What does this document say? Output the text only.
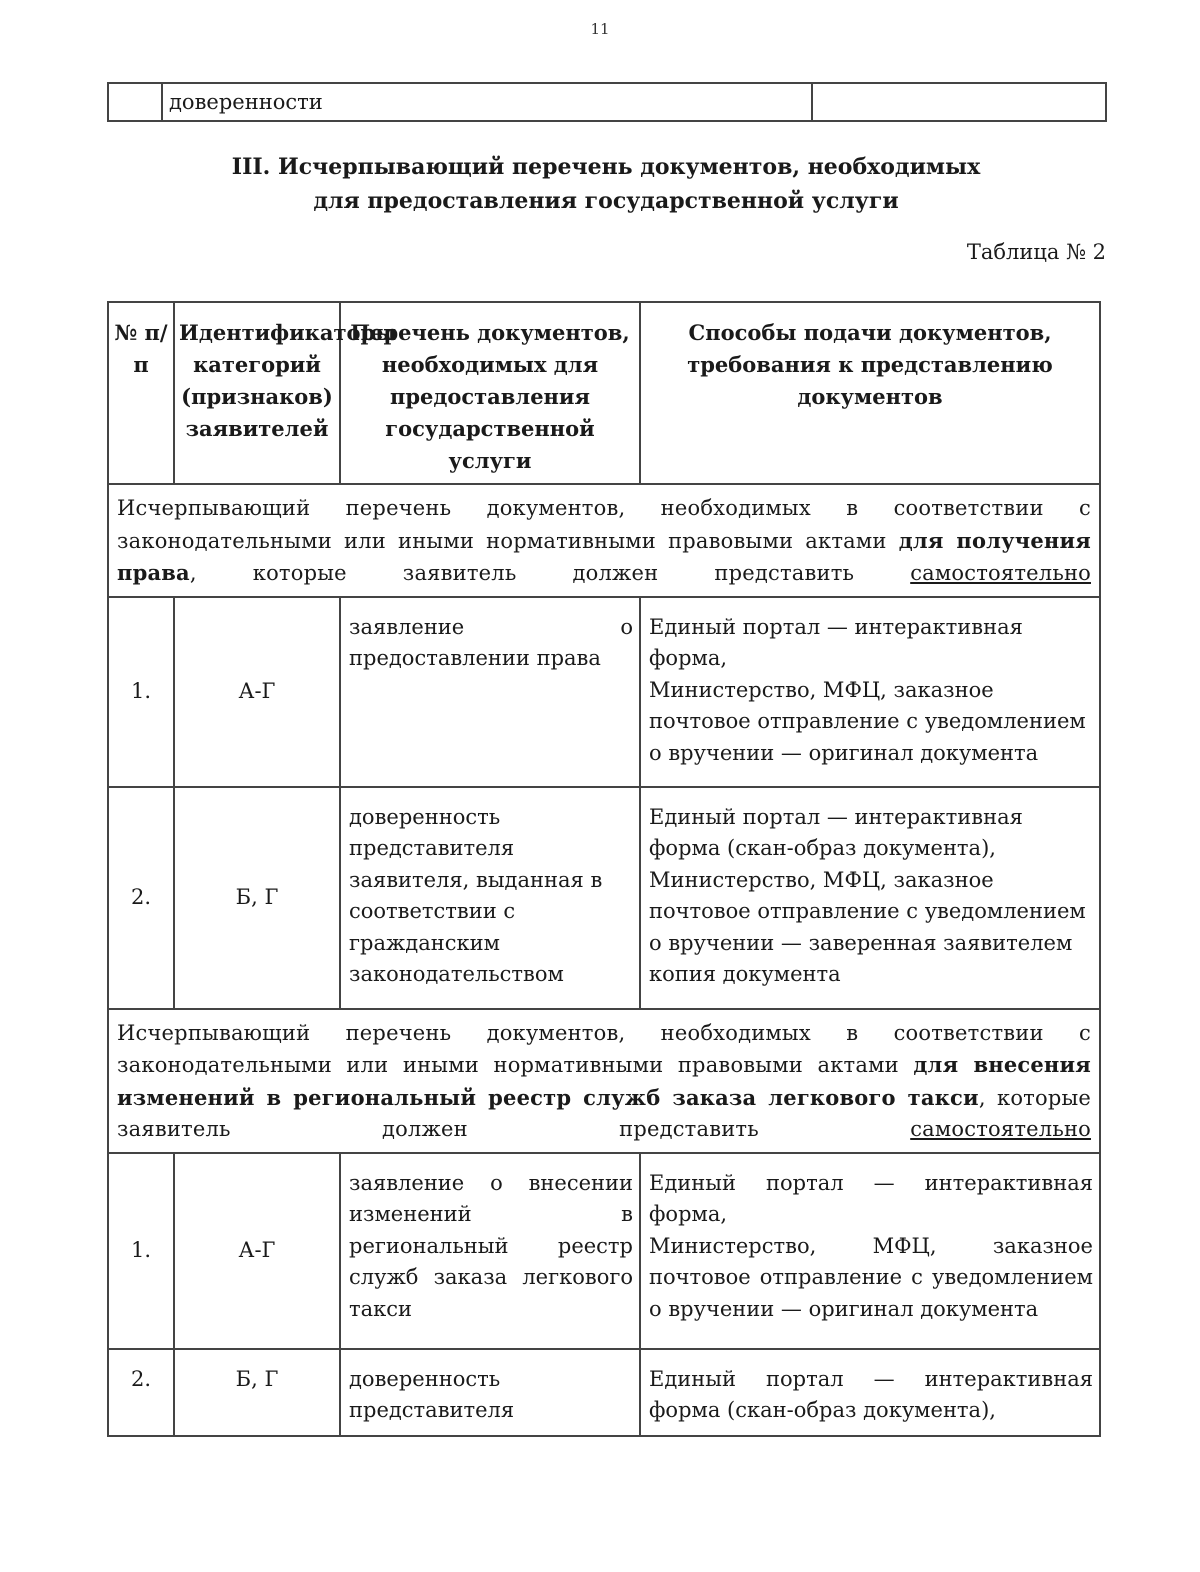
11
	доверенности	
III. Исчерпывающий перечень документов, необходимых
для предоставления государственной услуги
Таблица № 2
№ п/п	Идентификаторы категорий (признаков) заявителей	Перечень документов, необходимых для предоставления государственной услуги	Способы подачи документов, требования к представлению документов
Исчерпывающий перечень документов, необходимых в соответствии с законодательными или иными нормативными правовыми актами для получения права, которые заявитель должен представить самостоятельно			
1.	А-Г	заявление о предоставлении права	Единый портал — интерактивная форма,
Министерство, МФЦ, заказное почтовое отправление с уведомлением о вручении — оригинал документа

2.	Б, Г	доверенность представителя заявителя, выданная в соответствии с гражданским законодательством	Единый портал — интерактивная форма (скан-образ документа),
Министерство, МФЦ, заказное почтовое отправление с уведомлением о вручении — заверенная заявителем копия документа

Исчерпывающий перечень документов, необходимых в соответствии с законодательными или иными нормативными правовыми актами для внесения изменений в региональный реестр служб заказа легкового такси, которые заявитель должен представить самостоятельно			
1.	А-Г	заявление о внесении изменений в региональный реестр служб заказа легкового такси	Единый портал — интерактивная форма,
Министерство, МФЦ, заказное почтовое отправление с уведомлением о вручении — оригинал документа

2.	Б, Г	доверенность представителя	Единый портал — интерактивная форма (скан-образ документа),
